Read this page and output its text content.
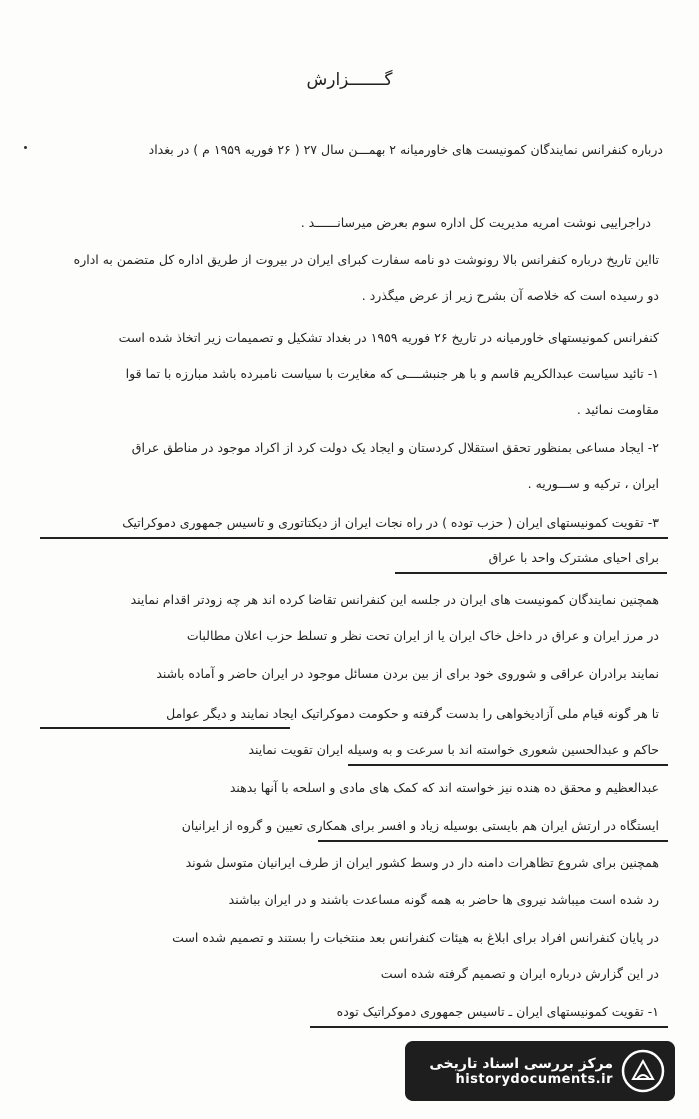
گـــــــزارش
درباره کنفرانس نمایندگان کمونیست های خاورمیانه ۲ بهمـــن سال ۲۷ ( ۲۶ فوریه ۱۹۵۹ م ) در بغداد
دراجراییی نوشت امریه مدیریت کل اداره سوم بعرض میرسانــــــد .
تااین تاریخ درباره کنفرانس بالا رونوشت دو نامه سفارت کبرای ایران در بیروت از طریق اداره کل متضمن به اداره
دو رسیده است که خلاصه آن بشرح زیر از عرض میگذرد .
کنفرانس کمونیستهای خاورمیانه در تاریخ ۲۶ فوریه ۱۹۵۹ در بغداد تشکیل و تصمیمات زیر اتخاذ شده است
۱- تائید سیاست عبدالکریم قاسم و با هر جنبشــــی که مغایرت با سیاست نامبرده باشد مبارزه با تما قوا
مقاومت نمائید .
۲- ایجاد مساعی بمنظور تحقق استقلال کردستان و ایجاد یک دولت کرد از اکراد موجود در مناطق عراق
ایران ، ترکیه و ســـوریه .
۳- تقویت کمونیستهای ایران ( حزب توده ) در راه نجات ایران از دیکتاتوری و تاسیس جمهوری دموکراتیک
برای احیای مشترک واحد با عراق
همچنین نمایندگان کمونیست های ایران در جلسه این کنفرانس تقاضا کرده اند هر چه زودتر اقدام نمایند
در مرز ایران و عراق در داخل خاک ایران یا از ایران تحت نظر و تسلط حزب اعلان مطالبات
نمایند برادران عراقی و شوروی خود برای از بین بردن مسائل موجود در ایران حاضر و آماده باشند
تا هر گونه قیام ملی آزادیخواهی را بدست گرفته و حکومت دموکراتیک ایجاد نمایند و دیگر عوامل
حاکم و عبدالحسین شعوری خواسته اند با سرعت و به وسیله ایران تقویت نمایند
عبدالعظیم و محقق ده هنده نیز خواسته اند که کمک های مادی و اسلحه با آنها بدهند
ایستگاه در ارتش ایران هم بایستی بوسیله زیاد و افسر برای همکاری تعیین و گروه از ایرانیان
همچنین برای شروع تظاهرات دامنه دار در وسط کشور ایران از طرف ایرانیان متوسل شوند
رد شده است میباشد نیروی ها حاضر به همه گونه مساعدت باشند و در ایران بباشند
در پایان کنفرانس افراد برای ابلاغ به هیئات کنفرانس بعد منتخبات را بستند و تصمیم شده است
در این گزارش درباره ایران و تصمیم گرفته شده است
۱- تقویت کمونیستهای ایران ـ تاسیس جمهوری دموکراتیک توده
مرکز بررسی اسناد تاریخی
historydocuments.ir
